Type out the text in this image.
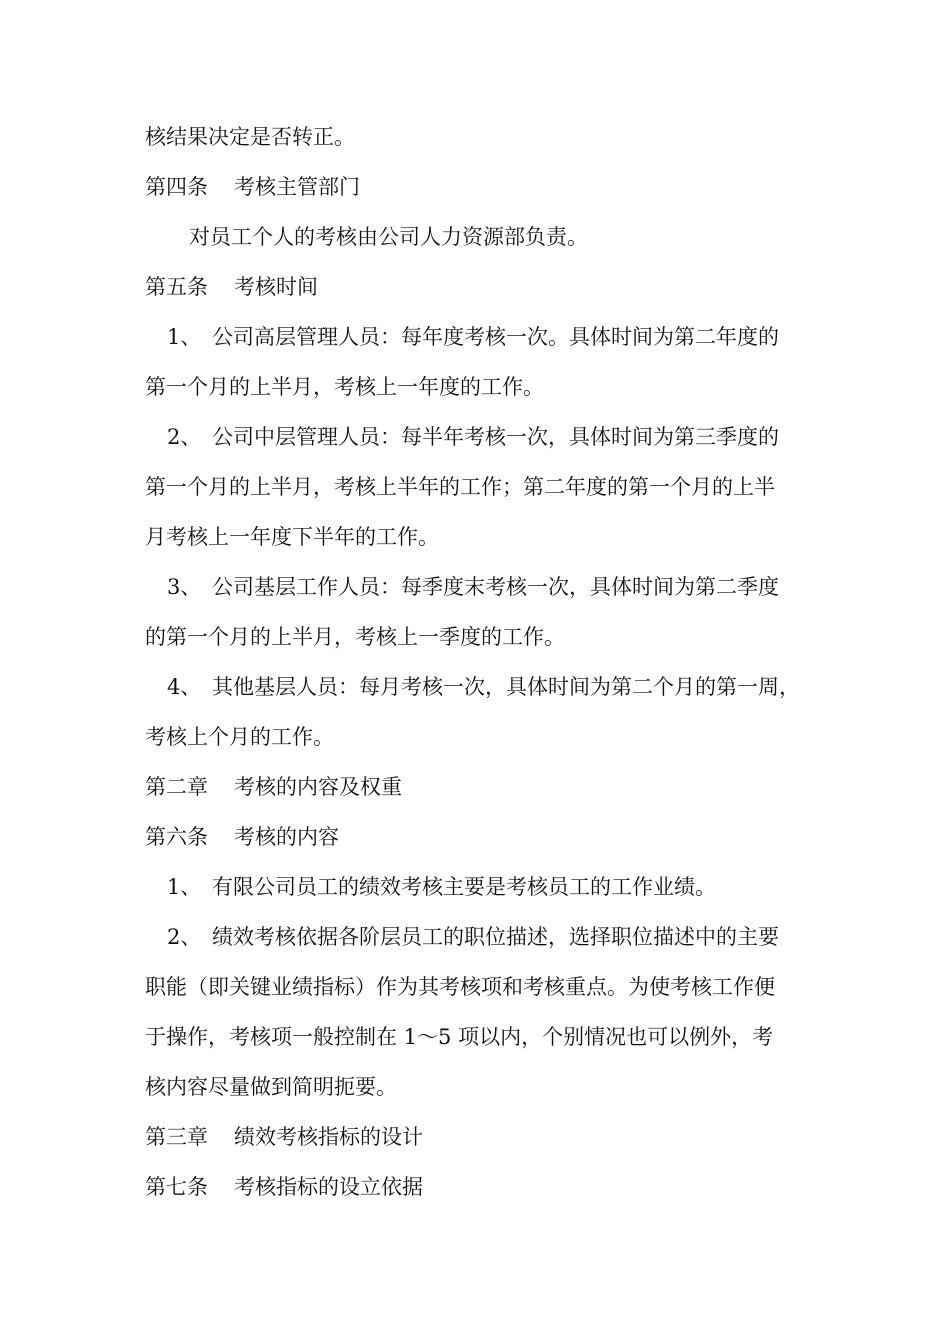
核结果决定是否转正。
第四条 考核主管部门
对员工个人的考核由公司人力资源部负责。
第五条 考核时间
1、 公司高层管理人员：每年度考核一次。具体时间为第二年度的
第一个月的上半月，考核上一年度的工作。
2、 公司中层管理人员：每半年考核一次，具体时间为第三季度的
第一个月的上半月，考核上半年的工作；第二年度的第一个月的上半
月考核上一年度下半年的工作。
3、 公司基层工作人员：每季度末考核一次，具体时间为第二季度
的第一个月的上半月，考核上一季度的工作。
4、 其他基层人员：每月考核一次，具体时间为第二个月的第一周，
考核上个月的工作。
第二章 考核的内容及权重
第六条 考核的内容
1、 有限公司员工的绩效考核主要是考核员工的工作业绩。
2、 绩效考核依据各阶层员工的职位描述，选择职位描述中的主要
职能（即关键业绩指标）作为其考核项和考核重点。为使考核工作便
于操作，考核项一般控制在 1～5 项以内，个别情况也可以例外，考
核内容尽量做到简明扼要。
第三章 绩效考核指标的设计
第七条 考核指标的设立依据
